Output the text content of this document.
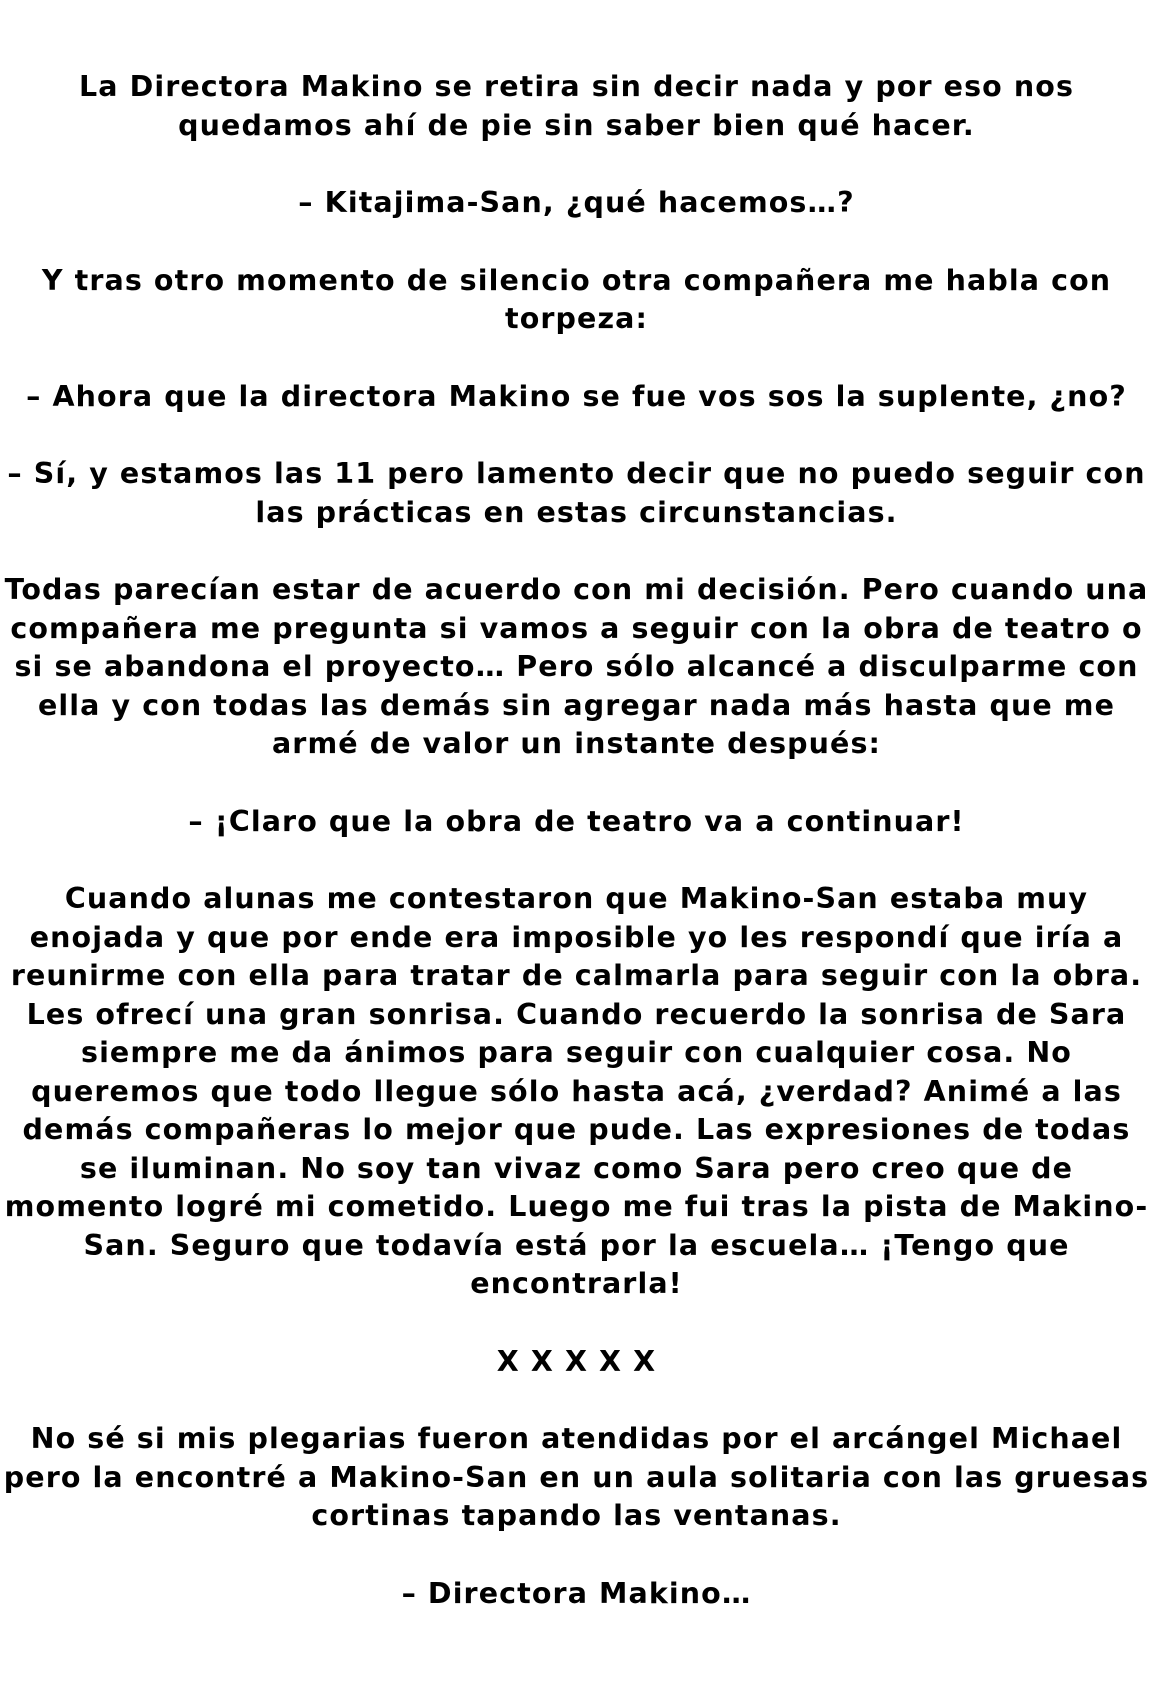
La Directora Makino se retira sin decir nada y por eso nos quedamos ahí de pie sin saber bien qué hacer.

– Kitajima-San, ¿qué hacemos…?

Y tras otro momento de silencio otra compañera me habla con torpeza:

– Ahora que la directora Makino se fue vos sos la suplente, ¿no?

– Sí, y estamos las 11 pero lamento decir que no puedo seguir con las prácticas en estas circunstancias.

Todas parecían estar de acuerdo con mi decisión. Pero cuando una compañera me pregunta si vamos a seguir con la obra de teatro o si se abandona el proyecto… Pero sólo alcancé a disculparme con ella y con todas las demás sin agregar nada más hasta que me armé de valor un instante después:

– ¡Claro que la obra de teatro va a continuar!

Cuando alunas me contestaron que Makino-San estaba muy enojada y que por ende era imposible yo les respondí que iría a reunirme con ella para tratar de calmarla para seguir con la obra. Les ofrecí una gran sonrisa. Cuando recuerdo la sonrisa de Sara siempre me da ánimos para seguir con cualquier cosa. No queremos que todo llegue sólo hasta acá, ¿verdad? Animé a las demás compañeras lo mejor que pude. Las expresiones de todas se iluminan. No soy tan vivaz como Sara pero creo que de momento logré mi cometido. Luego me fui tras la pista de Makino-San. Seguro que todavía está por la escuela… ¡Tengo que encontrarla!

X X X X X

No sé si mis plegarias fueron atendidas por el arcángel Michael pero la encontré a Makino-San en un aula solitaria con las gruesas cortinas tapando las ventanas.

– Directora Makino…
